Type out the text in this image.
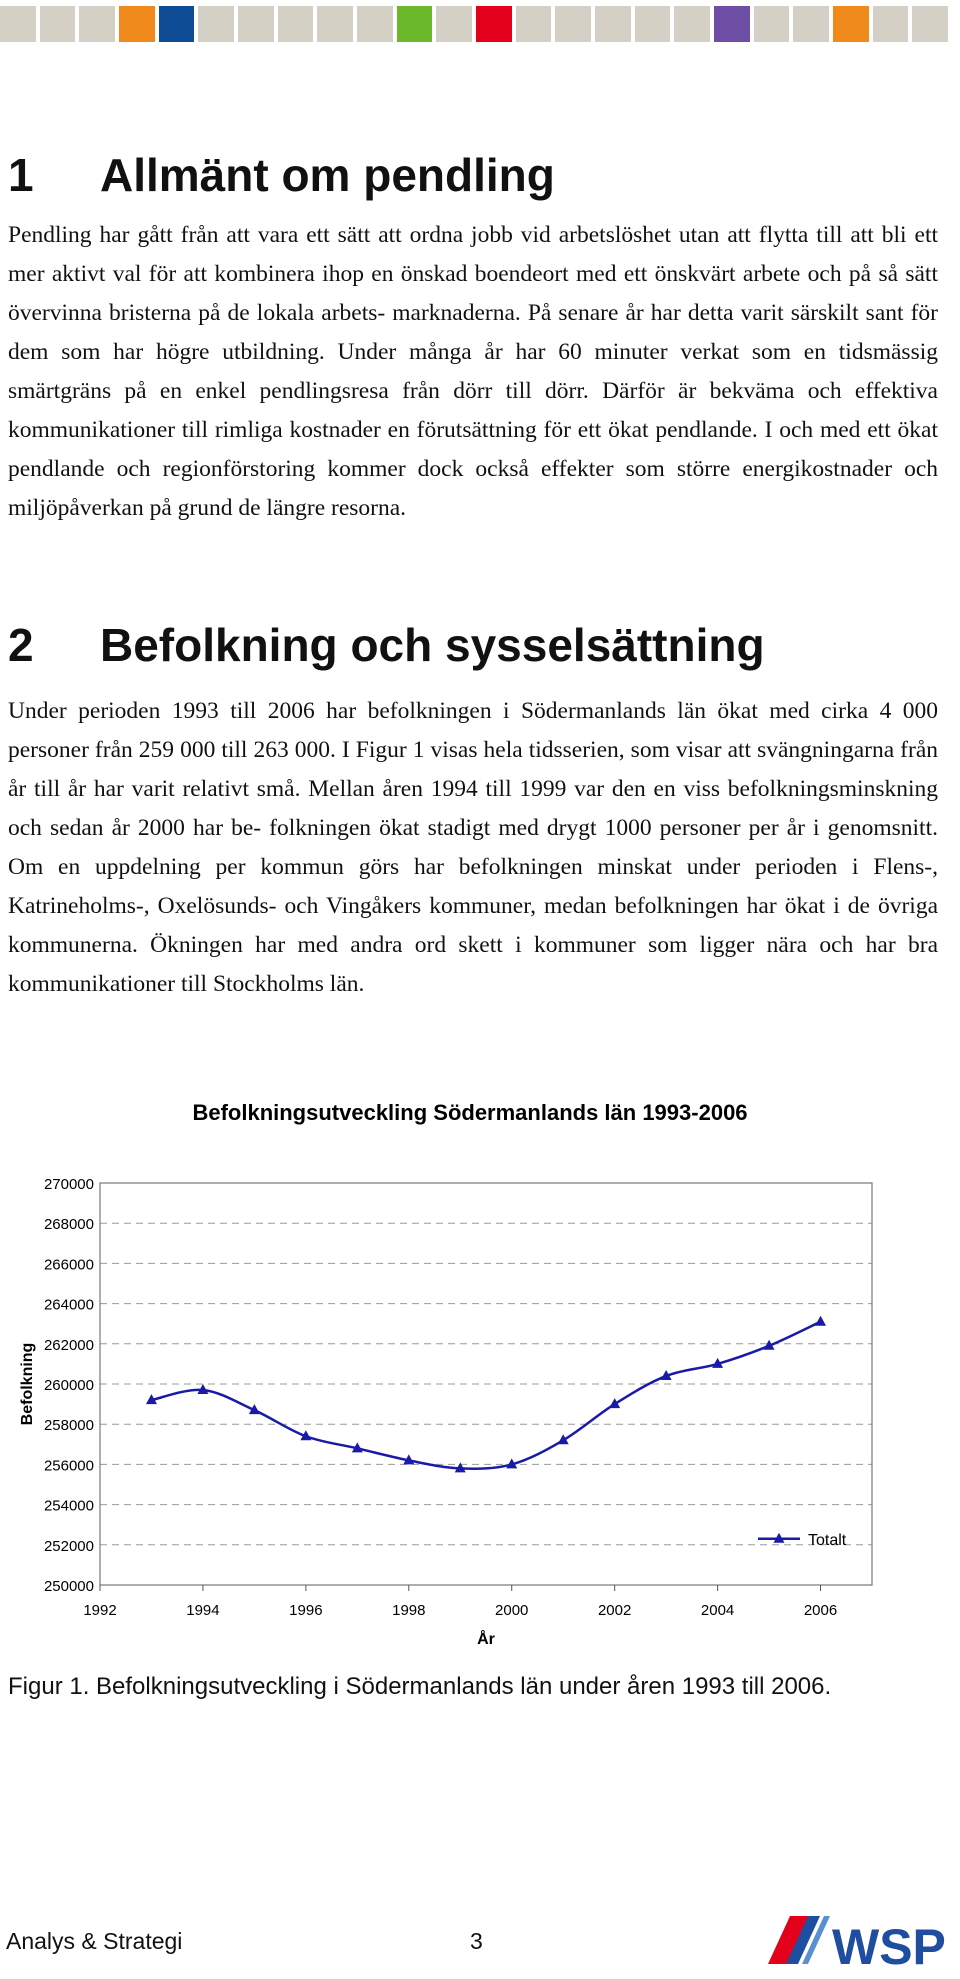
1 Allmänt om pendling

Pendling har gått från att vara ett sätt att ordna jobb vid arbetslöshet utan att flytta till att bli ett mer aktivt val för att kombinera ihop en önskad boendeort med ett önskvärt arbete och på så sätt övervinna bristerna på de lokala arbets- marknaderna. På senare år har detta varit särskilt sant för dem som har högre utbildning. Under många år har 60 minuter verkat som en tidsmässig smärtgräns på en enkel pendlingsresa från dörr till dörr. Därför är bekväma och effektiva kommunikationer till rimliga kostnader en förutsättning för ett ökat pendlande. I och med ett ökat pendlande och regionförstoring kommer dock också effekter som större energikostnader och miljöpåverkan på grund de längre resorna.

2 Befolkning och sysselsättning

Under perioden 1993 till 2006 har befolkningen i Södermanlands län ökat med cirka 4 000 personer från 259 000 till 263 000. I Figur 1 visas hela tidsserien, som visar att svängningarna från år till år har varit relativt små. Mellan åren 1994 till 1999 var den en viss befolkningsminskning och sedan år 2000 har be- folkningen ökat stadigt med drygt 1000 personer per år i genomsnitt. Om en uppdelning per kommun görs har befolkningen minskat under perioden i Flens-, Katrineholms-, Oxelösunds- och Vingåkers kommuner, medan befolkningen har ökat i de övriga kommunerna. Ökningen har med andra ord skett i kommuner som ligger nära och har bra kommunikationer till Stockholms län.

Befolkningsutveckling Södermanlands län 1993-2006
250000
252000
254000
256000
258000
260000
262000
264000
266000
268000
270000
1992	1994	1996	1998	2000	2002	2004	2006
År
Befolkning
Totalt

Figur 1. Befolkningsutveckling i Södermanlands län under åren 1993 till 2006.

Analys & Strategi	3	WSP
